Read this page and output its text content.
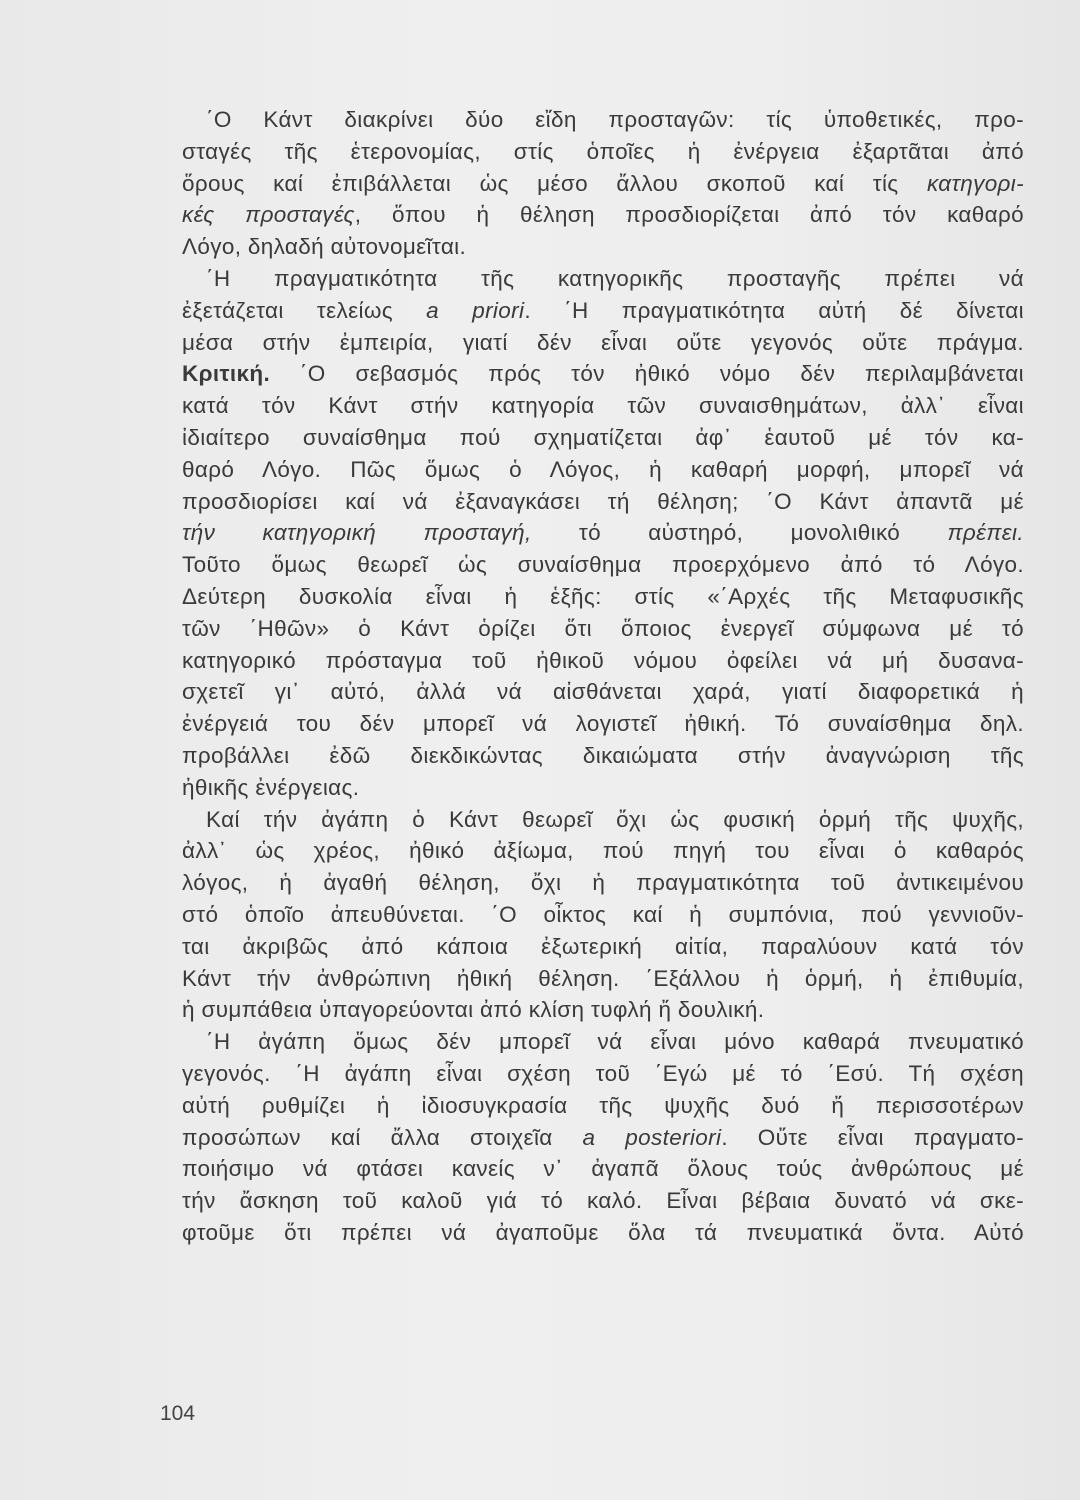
΄Ο Κάντ διακρίνει δύο εἴδη προσταγῶν: τίς ὑποθετικές, προ-

σταγές τῆς ἑτερονομίας, στίς ὁποῖες ἡ ἐνέργεια ἐξαρτᾶται ἀπό

ὅρους καί ἐπιβάλλεται ὡς μέσο ἄλλου σκοποῦ καί τίς κατηγορι-

κές προσταγές, ὅπου ἡ θέληση προσδιορίζεται ἀπό τόν καθαρό

Λόγο, δηλαδή αὐτονομεῖται.

΄Η πραγματικότητα τῆς κατηγορικῆς προσταγῆς πρέπει νά

ἐξετάζεται τελείως a priori. ΄Η πραγματικότητα αὐτή δέ δίνεται

μέσα στήν ἐμπειρία, γιατί δέν εἶναι οὔτε γεγονός οὔτε πράγμα.

Κριτική. ΄Ο σεβασμός πρός τόν ἠθικό νόμο δέν περιλαμβάνεται

κατά τόν Κάντ στήν κατηγορία τῶν συναισθημάτων, ἀλλ᾽ εἶναι

ἰδιαίτερο συναίσθημα πού σχηματίζεται ἀφ᾽ ἑαυτοῦ μέ τόν κα-

θαρό Λόγο. Πῶς ὅμως ὁ Λόγος, ἡ καθαρή μορφή, μπορεῖ νά

προσδιορίσει καί νά ἐξαναγκάσει τή θέληση; ΄Ο Κάντ ἀπαντᾶ μέ

τήν κατηγορική προσταγή, τό αὐστηρό, μονολιθικό πρέπει.

Τοῦτο ὅμως θεωρεῖ ὡς συναίσθημα προερχόμενο ἀπό τό Λόγο.

Δεύτερη δυσκολία εἶναι ἡ ἑξῆς: στίς «΄Αρχές τῆς Μεταφυσικῆς

τῶν ΄Ηθῶν» ὁ Κάντ ὁρίζει ὅτι ὅποιος ἐνεργεῖ σύμφωνα μέ τό

κατηγορικό πρόσταγμα τοῦ ἠθικοῦ νόμου ὀφείλει νά μή δυσανα-

σχετεῖ γι᾽ αὐτό, ἀλλά νά αἰσθάνεται χαρά, γιατί διαφορετικά ἡ

ἐνέργειά του δέν μπορεῖ νά λογιστεῖ ἠθική. Τό συναίσθημα δηλ.

προβάλλει ἐδῶ διεκδικώντας δικαιώματα στήν ἀναγνώριση τῆς

ἠθικῆς ἐνέργειας.

Καί τήν ἀγάπη ὁ Κάντ θεωρεῖ ὄχι ὡς φυσική ὁρμή τῆς ψυχῆς,

ἀλλ᾽ ὡς χρέος, ἠθικό ἀξίωμα, πού πηγή του εἶναι ὁ καθαρός

λόγος, ἡ ἀγαθή θέληση, ὄχι ἡ πραγματικότητα τοῦ ἀντικειμένου

στό ὁποῖο ἀπευθύνεται. ΄Ο οἶκτος καί ἡ συμπόνια, πού γεννιοῦν-

ται ἀκριβῶς ἀπό κάποια ἐξωτερική αἰτία, παραλύουν κατά τόν

Κάντ τήν ἀνθρώπινη ἠθική θέληση. ΄Εξάλλου ἡ ὁρμή, ἡ ἐπιθυμία,

ἡ συμπάθεια ὑπαγορεύονται ἀπό κλίση τυφλή ἤ δουλική.

΄Η ἀγάπη ὅμως δέν μπορεῖ νά εἶναι μόνο καθαρά πνευματικό

γεγονός. ΄Η ἀγάπη εἶναι σχέση τοῦ ΄Εγώ μέ τό ΄Εσύ. Τή σχέση

αὐτή ρυθμίζει ἡ ἰδιοσυγκρασία τῆς ψυχῆς δυό ἤ περισσοτέρων

προσώπων καί ἄλλα στοιχεῖα a posteriori. Οὔτε εἶναι πραγματο-

ποιήσιμο νά φτάσει κανείς ν᾽ ἀγαπᾶ ὅλους τούς ἀνθρώπους μέ

τήν ἄσκηση τοῦ καλοῦ γιά τό καλό. Εἶναι βέβαια δυνατό νά σκε-

φτοῦμε ὅτι πρέπει νά ἀγαποῦμε ὅλα τά πνευματικά ὄντα. Αὐτό

104
